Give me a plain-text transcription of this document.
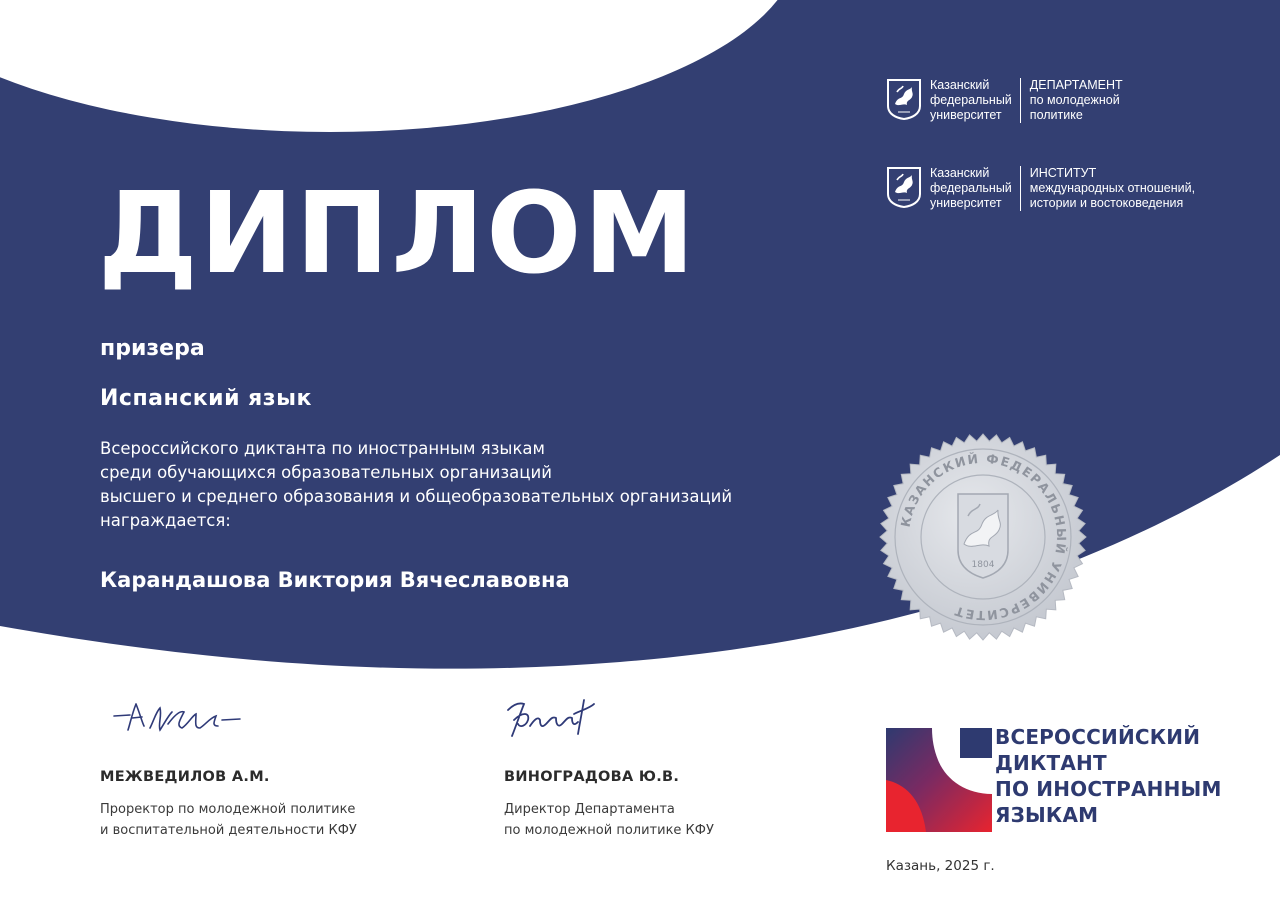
ДИПЛОМ
призера
Испанский язык
Всероссийского диктанта по иностранным языкам
среди обучающихся образовательных организаций
высшего и среднего образования и общеобразовательных организаций
награждается:
Карандашова Виктория Вячеславовна
Казанский
федеральный
университет
ДЕПАРТАМЕНТ
по молодежной
политике
Казанский
федеральный
университет
ИНСТИТУТ
международных отношений,
истории и востоковедения
КАЗАНСКИЙ ФЕДЕРАЛЬНЫЙ УНИВЕРСИТЕТ
1804
МЕЖВЕДИЛОВ А.М.
Проректор по молодежной политике
и воспитательной деятельности КФУ
ВИНОГРАДОВА Ю.В.
Директор Департамента
по молодежной политике КФУ
ВСЕРОССИЙСКИЙ
ДИКТАНТ
ПО ИНОСТРАННЫМ
ЯЗЫКАМ
Казань, 2025 г.
